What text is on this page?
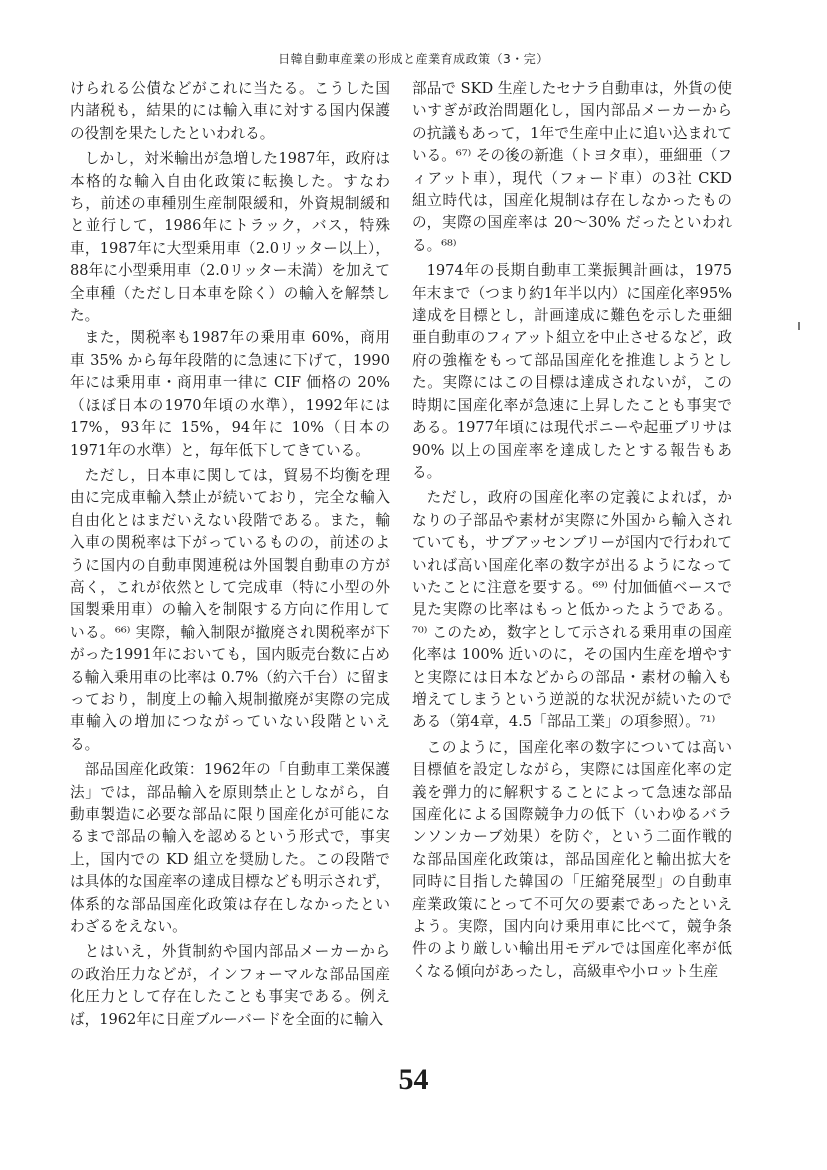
日韓自動車産業の形成と産業育成政策（3・完）

けられる公債などがこれに当たる。こうした国内諸税も，結果的には輸入車に対する国内保護の役割を果たしたといわれる。

しかし，対米輸出が急増した1987年，政府は本格的な輸入自由化政策に転換した。すなわち，前述の車種別生産制限緩和，外資規制緩和と並行して，1986年にトラック，バス，特殊車，1987年に大型乗用車（2.0リッター以上），88年に小型乗用車（2.0リッター未満）を加えて全車種（ただし日本車を除く）の輸入を解禁した。

また，関税率も1987年の乗用車 60%，商用車 35% から毎年段階的に急速に下げて，1990年には乗用車・商用車一律に CIF 価格の 20%（ほぼ日本の1970年頃の水準），1992年には17%，93年に 15%，94年に 10%（日本の1971年の水準）と，毎年低下してきている。

ただし，日本車に関しては，貿易不均衡を理由に完成車輸入禁止が続いており，完全な輸入自由化とはまだいえない段階である。また，輸入車の関税率は下がっているものの，前述のように国内の自動車関連税は外国製自動車の方が高く，これが依然として完成車（特に小型の外国製乗用車）の輸入を制限する方向に作用している。⁶⁶⁾ 実際，輸入制限が撤廃され関税率が下がった1991年においても，国内販売台数に占める輸入乗用車の比率は 0.7%（約六千台）に留まっており，制度上の輸入規制撤廃が実際の完成車輸入の増加につながっていない段階といえる。

部品国産化政策：1962年の「自動車工業保護法」では，部品輸入を原則禁止としながら，自動車製造に必要な部品に限り国産化が可能になるまで部品の輸入を認めるという形式で，事実上，国内での KD 組立を奨励した。この段階では具体的な国産率の達成目標なども明示されず，体系的な部品国産化政策は存在しなかったといわざるをえない。

とはいえ，外貨制約や国内部品メーカーからの政治圧力などが，インフォーマルな部品国産化圧力として存在したことも事実である。例えば，1962年に日産ブルーバードを全面的に輸入

部品で SKD 生産したセナラ自動車は，外貨の使いすぎが政治問題化し，国内部品メーカーからの抗議もあって，1年で生産中止に追い込まれている。⁶⁷⁾ その後の新進（トヨタ車），亜細亜（フィアット車），現代（フォード車）の3社 CKD 組立時代は，国産化規制は存在しなかったものの，実際の国産率は 20～30% だったといわれる。⁶⁸⁾

1974年の長期自動車工業振興計画は，1975年末まで（つまり約1年半以内）に国産化率95%達成を目標とし，計画達成に難色を示した亜細亜自動車のフィアット組立を中止させるなど，政府の強権をもって部品国産化を推進しようとした。実際にはこの目標は達成されないが，この時期に国産化率が急速に上昇したことも事実である。1977年頃には現代ポニーや起亜ブリサは90% 以上の国産率を達成したとする報告もある。

ただし，政府の国産化率の定義によれば，かなりの子部品や素材が実際に外国から輸入されていても，サブアッセンブリーが国内で行われていれば高い国産化率の数字が出るようになっていたことに注意を要する。⁶⁹⁾ 付加価値ベースで見た実際の比率はもっと低かったようである。⁷⁰⁾ このため，数字として示される乗用車の国産化率は 100% 近いのに，その国内生産を増やすと実際には日本などからの部品・素材の輸入も増えてしまうという逆説的な状況が続いたのである（第4章，4.5「部品工業」の項参照）。⁷¹⁾

このように，国産化率の数字については高い目標値を設定しながら，実際には国産化率の定義を弾力的に解釈することによって急速な部品国産化による国際競争力の低下（いわゆるバランソンカーブ効果）を防ぐ，という二面作戦的な部品国産化政策は，部品国産化と輸出拡大を同時に目指した韓国の「圧縮発展型」の自動車産業政策にとって不可欠の要素であったといえよう。実際，国内向け乗用車に比べて，競争条件のより厳しい輸出用モデルでは国産化率が低くなる傾向があったし，高級車や小ロット生産

54
